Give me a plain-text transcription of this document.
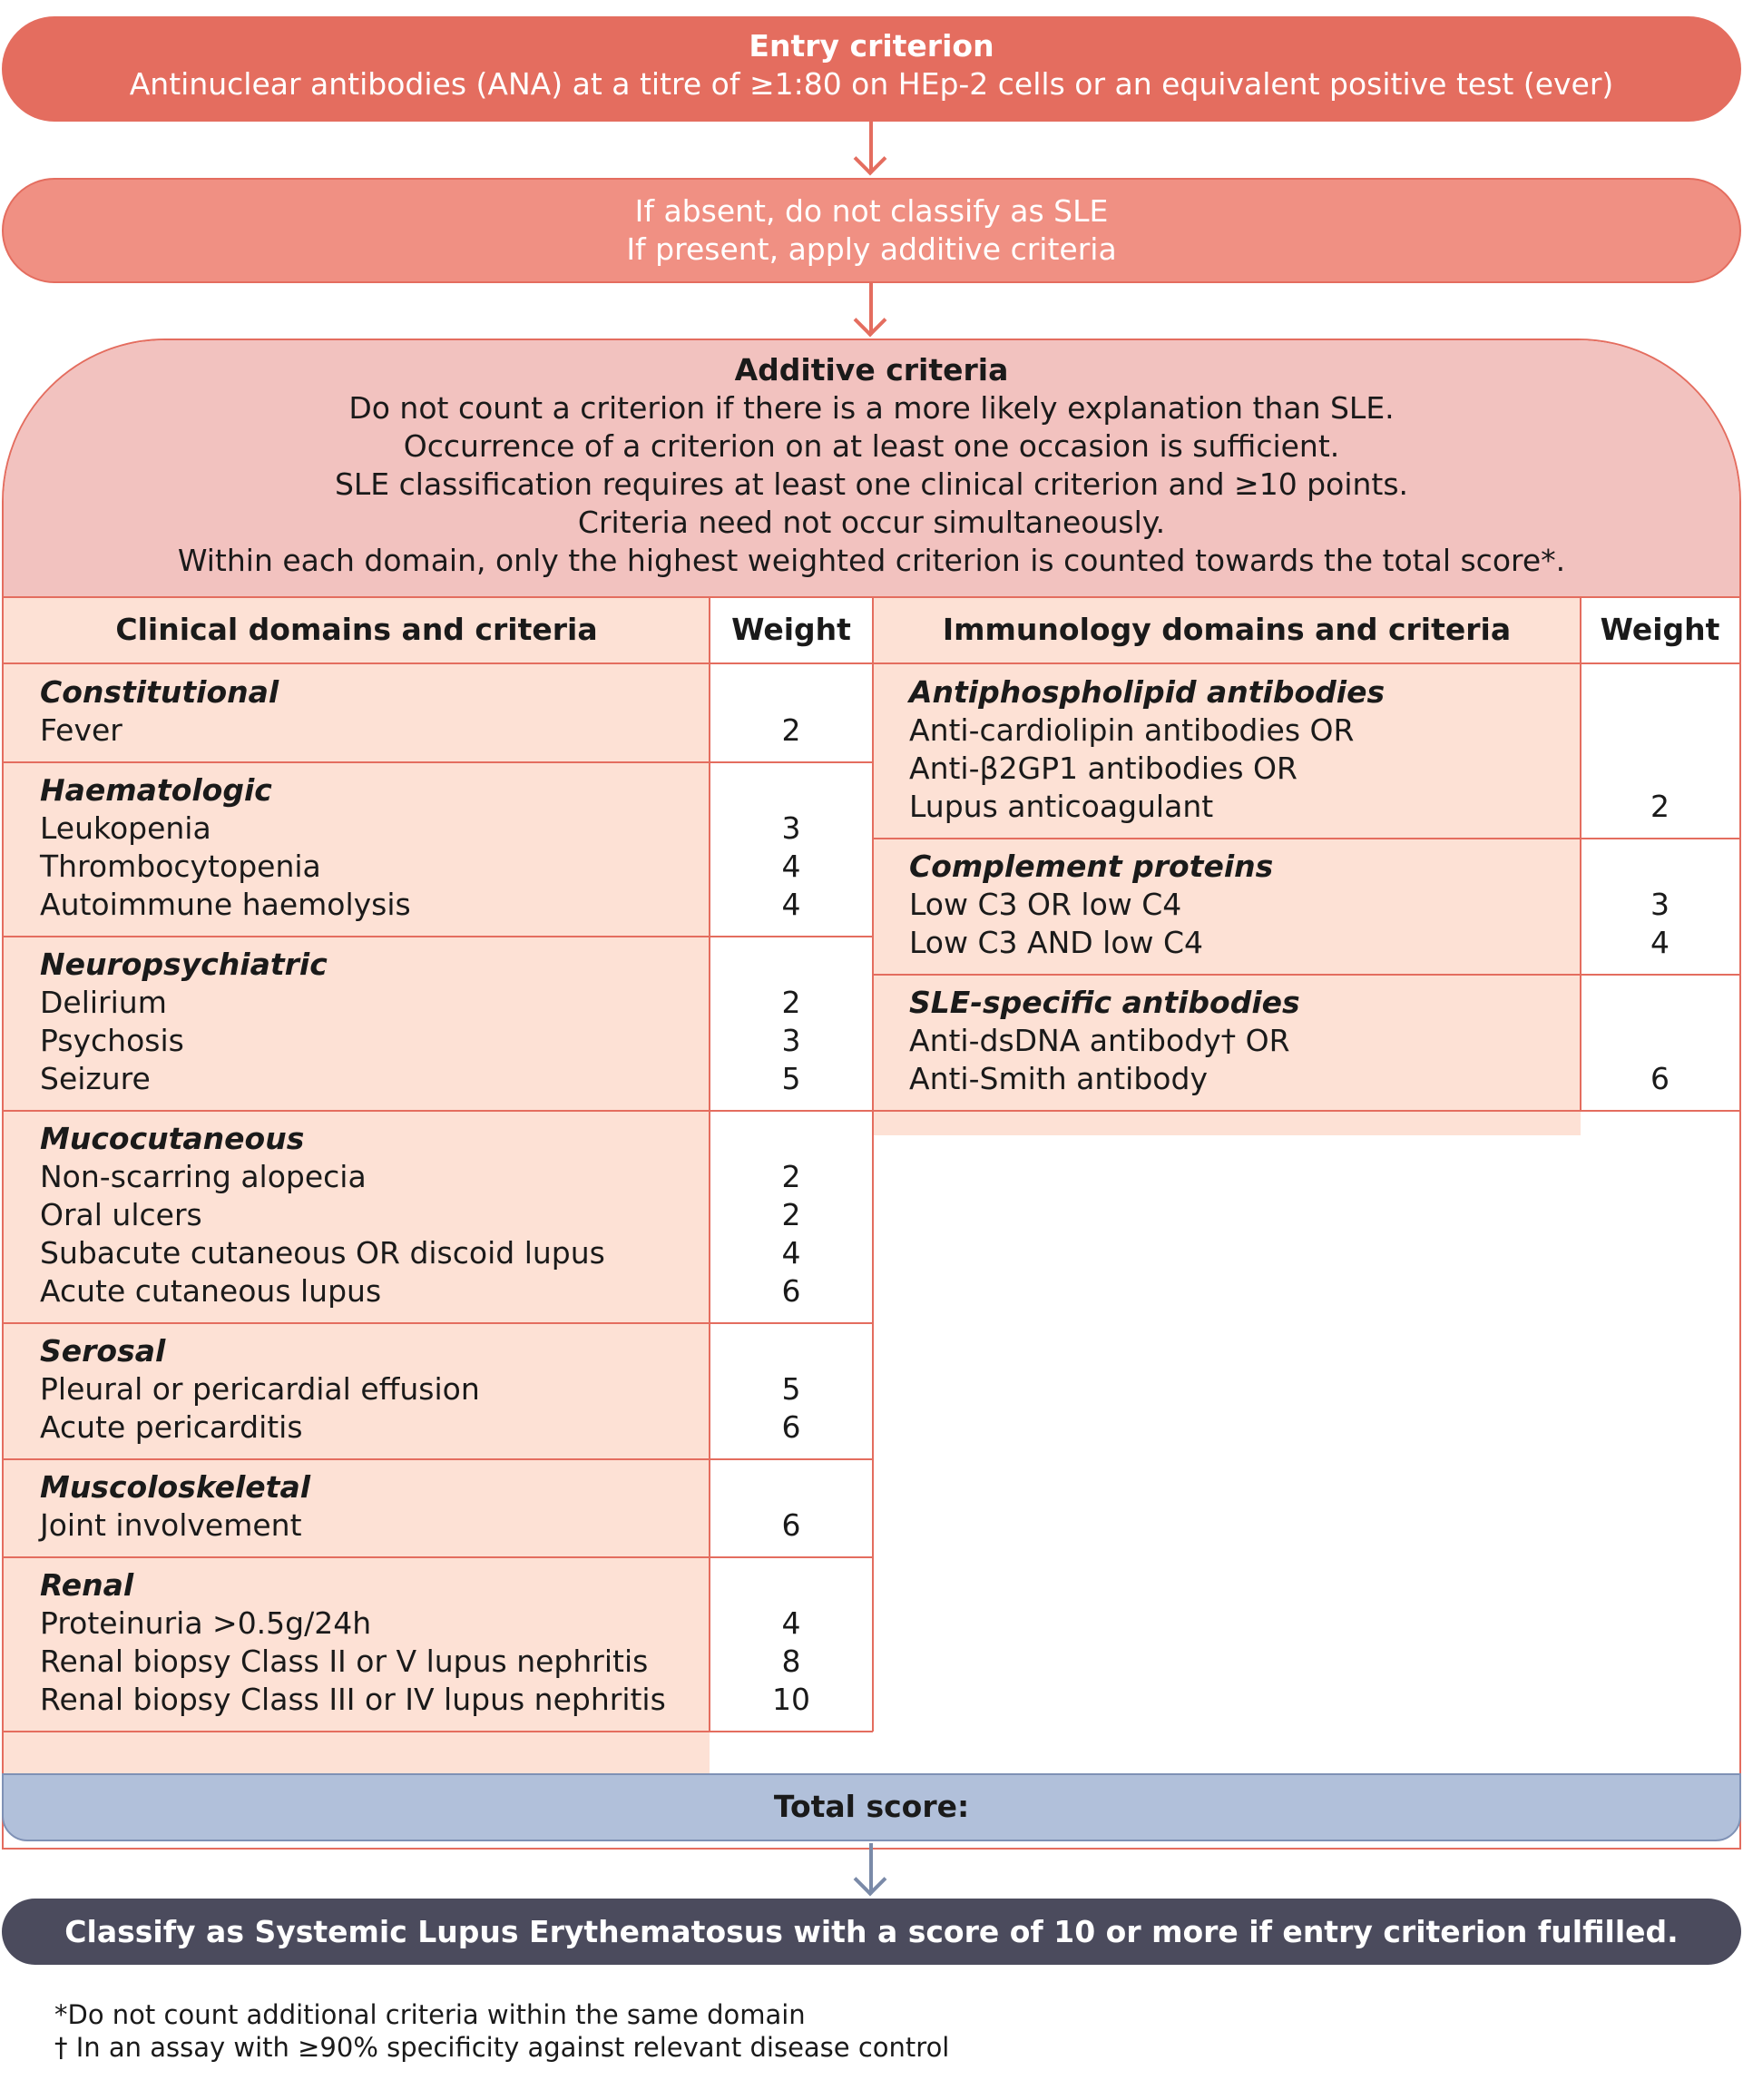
Entry criterion
Antinuclear antibodies (ANA) at a titre of ≥1:80 on HEp-2 cells or an equivalent positive test (ever)
If absent, do not classify as SLE
If present, apply additive criteria
Additive criteria
Do not count a criterion if there is a more likely explanation than SLE.
Occurrence of a criterion on at least one occasion is sufficient.
SLE classification requires at least one clinical criterion and ≥10 points.
Criteria need not occur simultaneously.
Within each domain, only the highest weighted criterion is counted towards the total score*.
Clinical domains and criteria	Weight	Immunology domains and criteria	Weight
Constitutional
Fever	2
Haematologic
Leukopenia	3
Thrombocytopenia	4
Autoimmune haemolysis	4
Neuropsychiatric
Delirium	2
Psychosis	3
Seizure	5
Mucocutaneous
Non-scarring alopecia	2
Oral ulcers	2
Subacute cutaneous OR discoid lupus	4
Acute cutaneous lupus	6
Serosal
Pleural or pericardial effusion	5
Acute pericarditis	6
Muscoloskeletal
Joint involvement	6
Renal
Proteinuria >0.5g/24h	4
Renal biopsy Class II or V lupus nephritis	8
Renal biopsy Class III or IV lupus nephritis	10
Antiphospholipid antibodies
Anti-cardiolipin antibodies OR
Anti-β2GP1 antibodies OR
Lupus anticoagulant	2
Complement proteins
Low C3 OR low C4	3
Low C3 AND low C4	4
SLE-specific antibodies
Anti-dsDNA antibody† OR
Anti-Smith antibody	6
Total score:
Classify as Systemic Lupus Erythematosus with a score of 10 or more if entry criterion fulfilled.
*Do not count additional criteria within the same domain
† In an assay with ≥90% specificity against relevant disease control
